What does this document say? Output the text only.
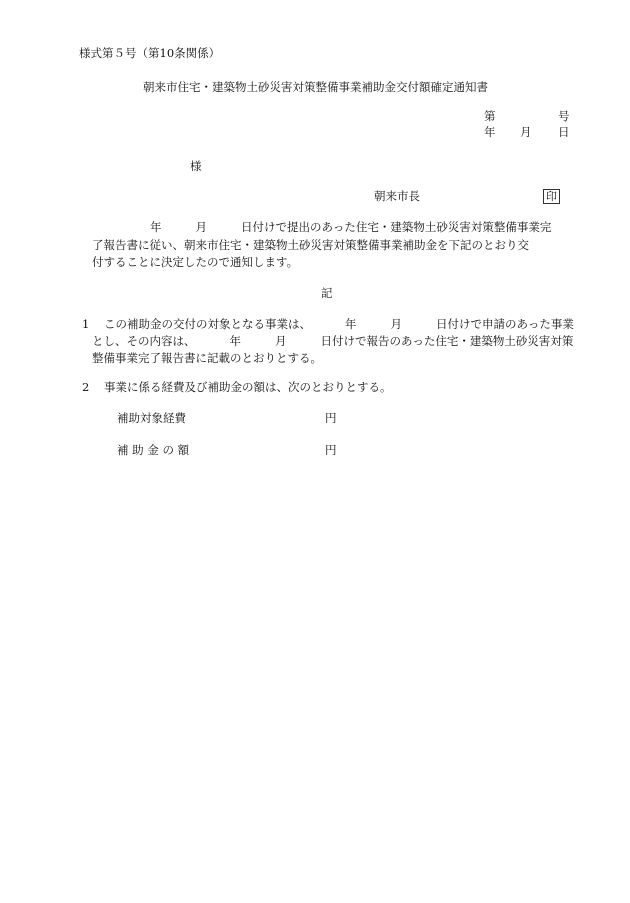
様式第５号（第10条関係）
朝来市住宅・建築物土砂災害対策整備事業補助金交付額確定通知書
第	号
年 月 日
様
朝来市長	印
年	月	日付けで提出のあった住宅・建築物土砂災害対策整備事業完
了報告書に従い、朝来市住宅・建築物土砂災害対策整備事業補助金を下記のとおり交
付することに決定したので通知します。
記
1 この補助金の交付の対象となる事業は、	年	月	日付けで申請のあった事業
とし、その内容は、	年	月	日付けで報告のあった住宅・建築物土砂災害対策
整備事業完了報告書に記載のとおりとする。
2 事業に係る経費及び補助金の額は、次のとおりとする。
補助対象経費	円
補 助 金 の 額	円
